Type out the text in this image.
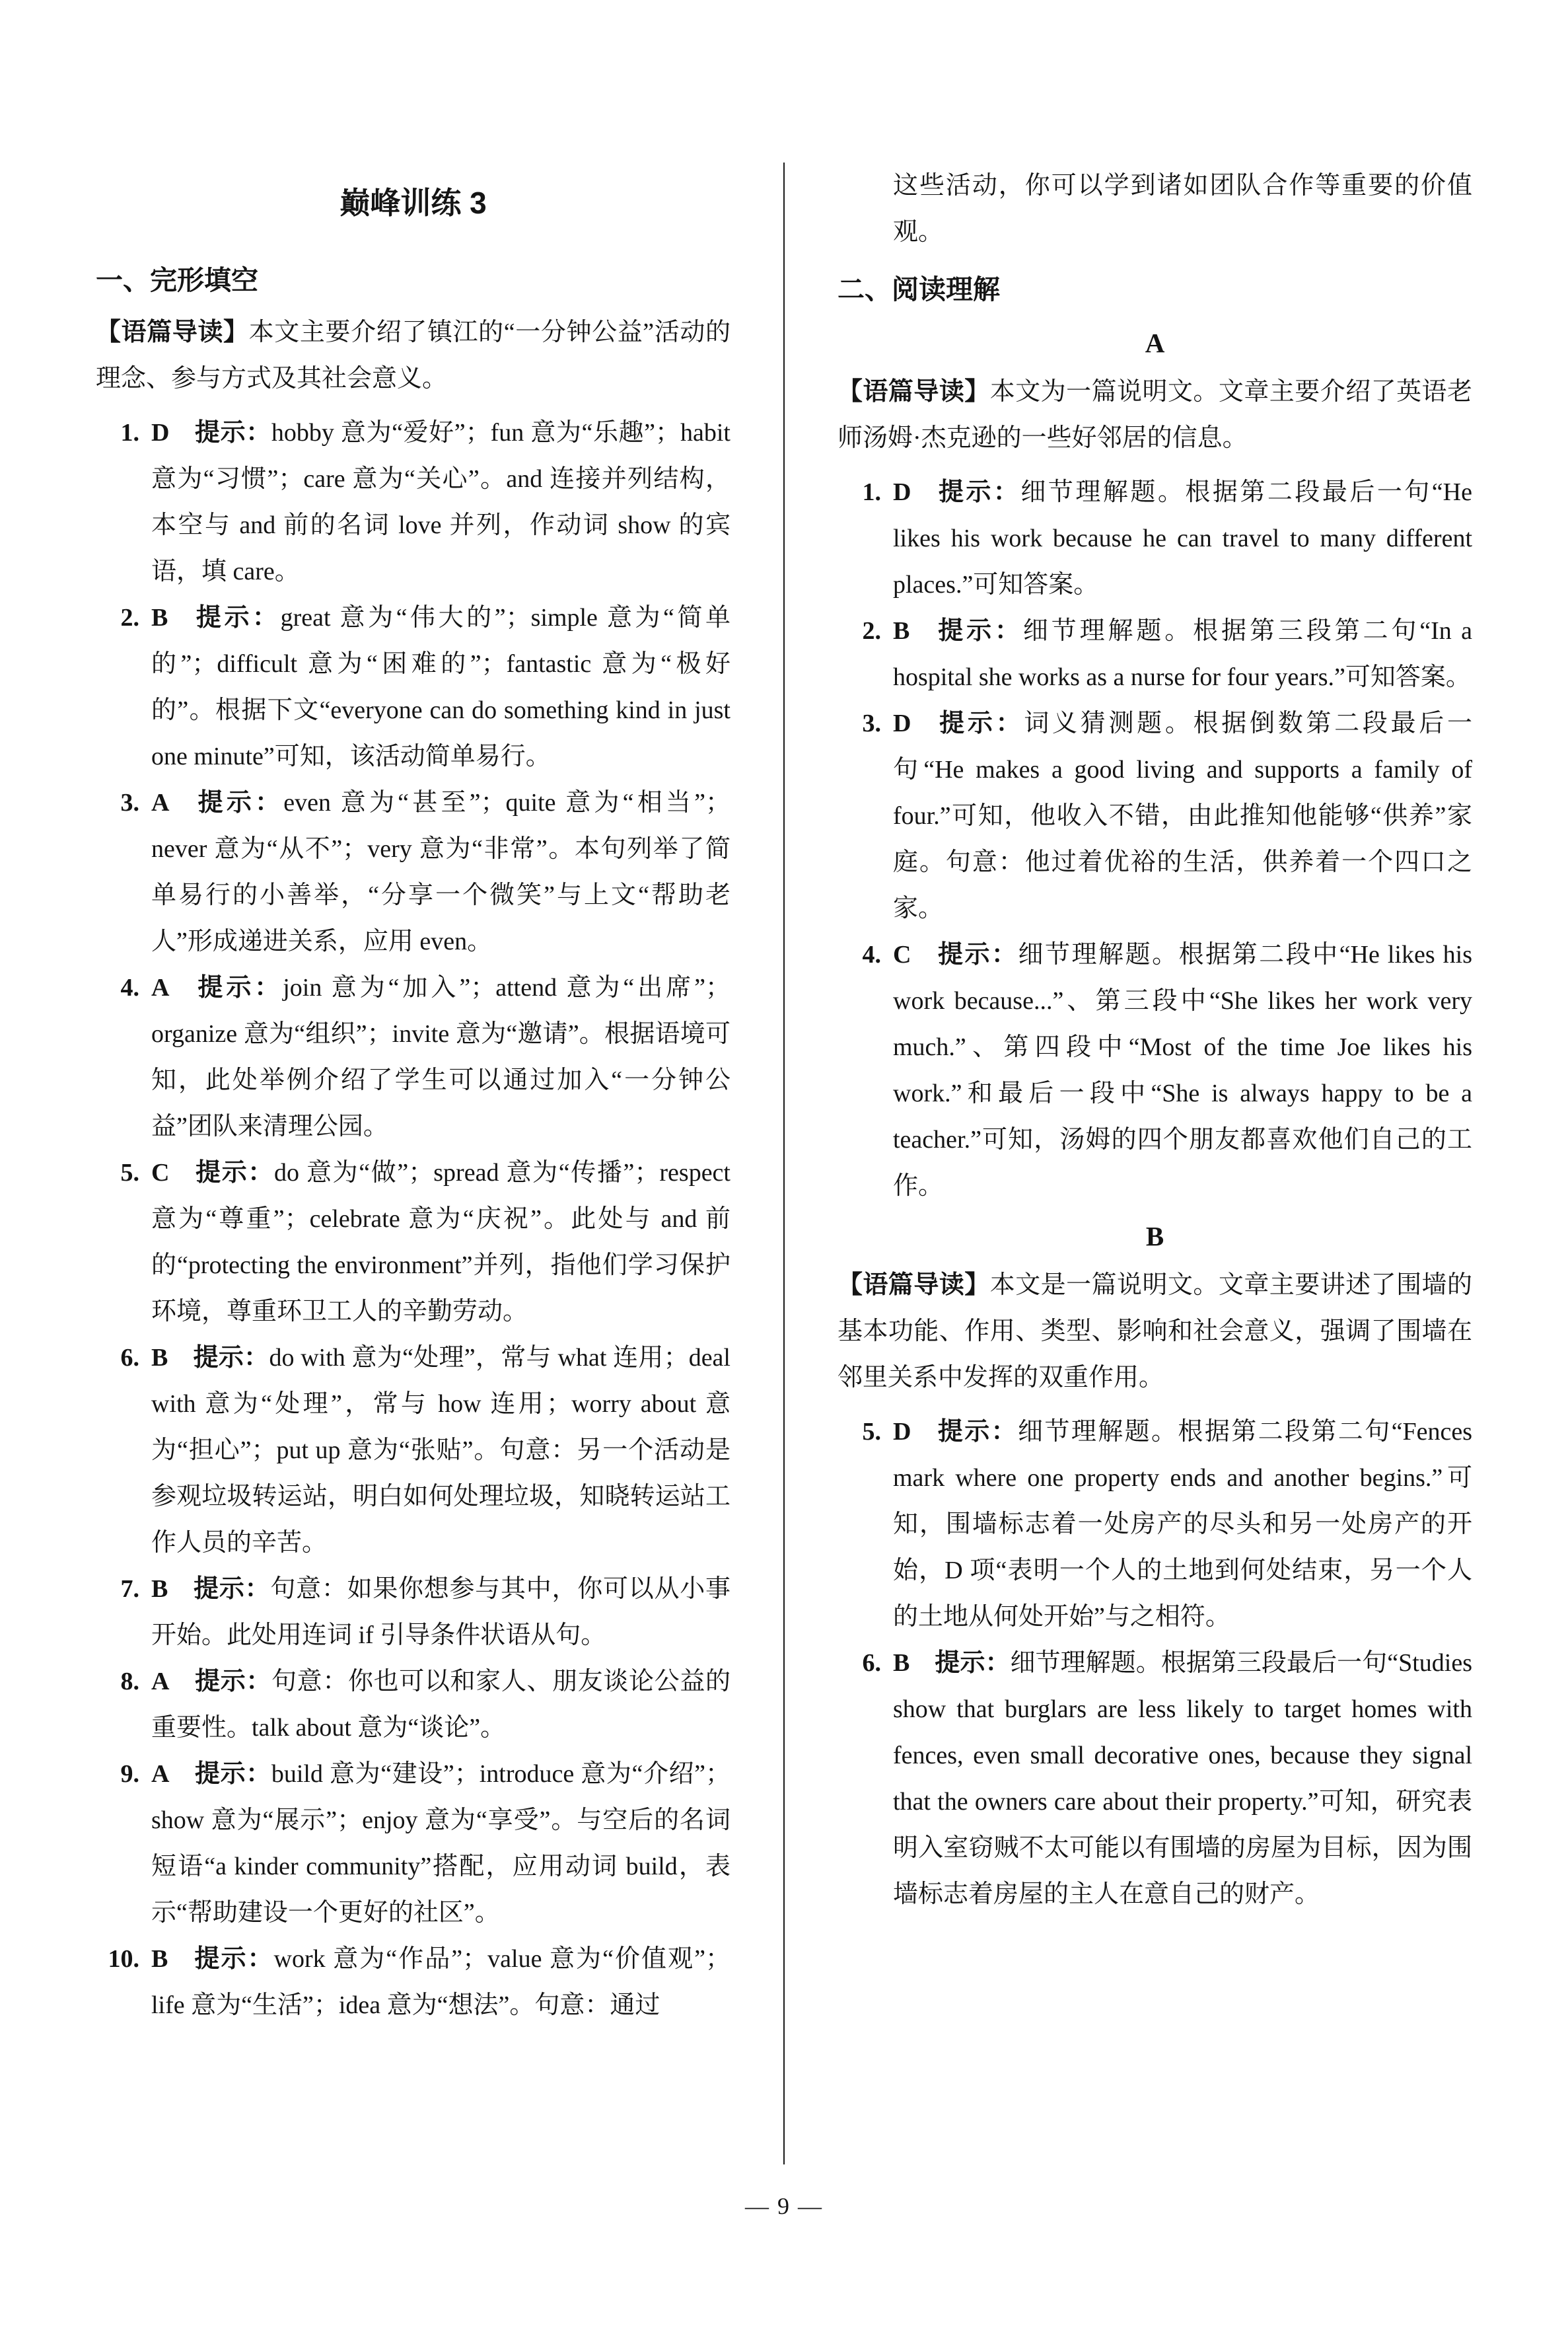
巅峰训练 3
一、完形填空

【语篇导读】本文主要介绍了镇江的“一分钟公益”活动的理念、参与方式及其社会意义。

1. D 提示：hobby 意为“爱好”；fun 意为“乐趣”；habit 意为“习惯”；care 意为“关心”。and 连接并列结构，本空与 and 前的名词 love 并列，作动词 show 的宾语，填 care。
2. B 提示：great 意为“伟大的”；simple 意为“简单的”；difficult 意为“困难的”；fantastic 意为“极好的”。根据下文“everyone can do something kind in just one minute”可知，该活动简单易行。
3. A 提示：even 意为“甚至”；quite 意为“相当”；never 意为“从不”；very 意为“非常”。本句列举了简单易行的小善举，“分享一个微笑”与上文“帮助老人”形成递进关系，应用 even。
4. A 提示：join 意为“加入”；attend 意为“出席”；organize 意为“组织”；invite 意为“邀请”。根据语境可知，此处举例介绍了学生可以通过加入“一分钟公益”团队来清理公园。
5. C 提示：do 意为“做”；spread 意为“传播”；respect 意为“尊重”；celebrate 意为“庆祝”。此处与 and 前的“protecting the environment”并列，指他们学习保护环境，尊重环卫工人的辛勤劳动。
6. B 提示：do with 意为“处理”，常与 what 连用；deal with 意为“处理”，常与 how 连用；worry about 意为“担心”；put up 意为“张贴”。句意：另一个活动是参观垃圾转运站，明白如何处理垃圾，知晓转运站工作人员的辛苦。
7. B 提示：句意：如果你想参与其中，你可以从小事开始。此处用连词 if 引导条件状语从句。
8. A 提示：句意：你也可以和家人、朋友谈论公益的重要性。talk about 意为“谈论”。
9. A 提示：build 意为“建设”；introduce 意为“介绍”；show 意为“展示”；enjoy 意为“享受”。与空后的名词短语“a kinder community”搭配，应用动词 build，表示“帮助建设一个更好的社区”。
10. B 提示：work 意为“作品”；value 意为“价值观”；life 意为“生活”；idea 意为“想法”。句意：通过

这些活动，你可以学到诸如团队合作等重要的价值观。

二、阅读理解
A

【语篇导读】本文为一篇说明文。文章主要介绍了英语老师汤姆·杰克逊的一些好邻居的信息。

1. D 提示：细节理解题。根据第二段最后一句“He likes his work because he can travel to many different places.”可知答案。
2. B 提示：细节理解题。根据第三段第二句“In a hospital she works as a nurse for four years.”可知答案。
3. D 提示：词义猜测题。根据倒数第二段最后一句“He makes a good living and supports a family of four.”可知，他收入不错，由此推知他能够“供养”家庭。句意：他过着优裕的生活，供养着一个四口之家。
4. C 提示：细节理解题。根据第二段中“He likes his work because...”、第三段中“She likes her work very much.”、第四段中“Most of the time Joe likes his work.”和最后一段中“She is always happy to be a teacher.”可知，汤姆的四个朋友都喜欢他们自己的工作。
B

【语篇导读】本文是一篇说明文。文章主要讲述了围墙的基本功能、作用、类型、影响和社会意义，强调了围墙在邻里关系中发挥的双重作用。

5. D 提示：细节理解题。根据第二段第二句“Fences mark where one property ends and another begins.”可知，围墙标志着一处房产的尽头和另一处房产的开始，D 项“表明一个人的土地到何处结束，另一个人的土地从何处开始”与之相符。
6. B 提示：细节理解题。根据第三段最后一句“Studies show that burglars are less likely to target homes with fences, even small decorative ones, because they signal that the owners care about their property.”可知，研究表明入室窃贼不太可能以有围墙的房屋为目标，因为围墙标志着房屋的主人在意自己的财产。
— 9 —
